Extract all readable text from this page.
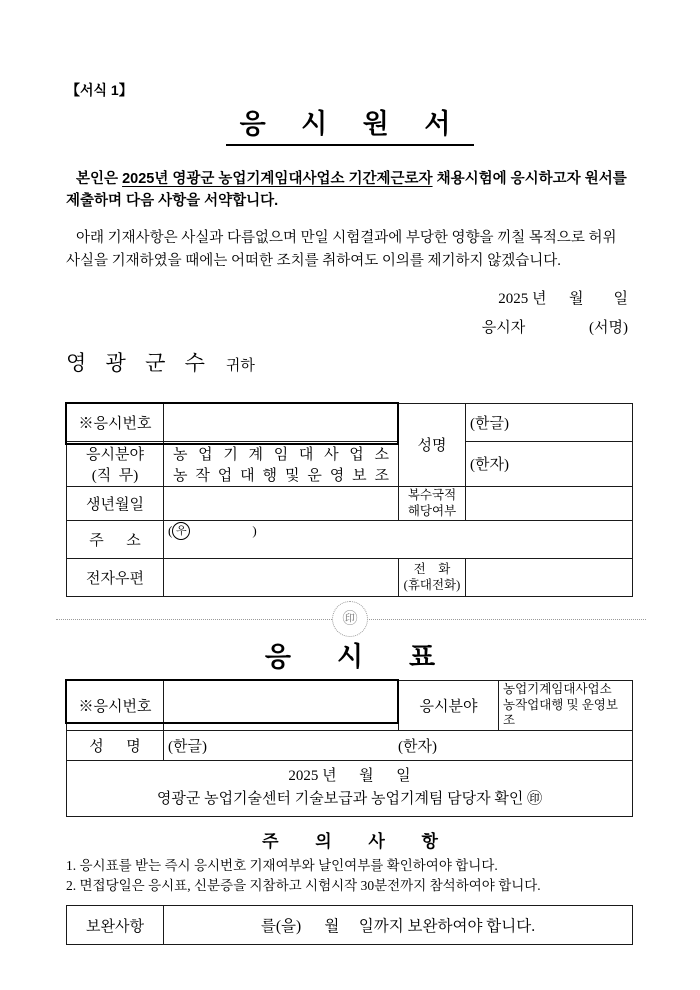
【서식 1】
응 시 원 서

본인은 2025년 영광군 농업기계임대사업소 기간제근로자 채용시험에 응시하고자 원서를 제출하며 다음 사항을 서약합니다.

아래 기재사항은 사실과 다름없으며 만일 시험결과에 부당한 영향을 끼칠 목적으로 허위 사실을 기재하였을 때에는 어떠한 조치를 취하여도 이의를 제기하지 않겠습니다.

2025 년      월        일
응시자                 (서명)
영 광 군 수 귀하
※응시번호		성명	(한글)
응시분야
(직  무)	농 업 기 계 임 대 사 업 소
농 작 업 대 행 및 운 영 보 조		(한자)
생년월일		복수국적
해당여부	
주      소	( 우 )		
전자우편		전    화
(휴대전화)	
㊞
응시표
※응시번호		응시분야	농업기계임대사업소
농작업대행 및 운영보조
성      명	(한글) (한자)		

2025 년      월      일
영광군 농업기술센터 기술보급과 농업기계팀 담당자 확인 ㊞			
주 의 사 항
1. 응시표를 받는 즉시 응시번호 기재여부와 날인여부를 확인하여야 합니다.
2. 면접당일은 응시표, 신분증을 지참하고 시험시작 30분전까지 참석하여야 합니다.
보완사항	를(을)      월     일까지 보완하여야 합니다.
